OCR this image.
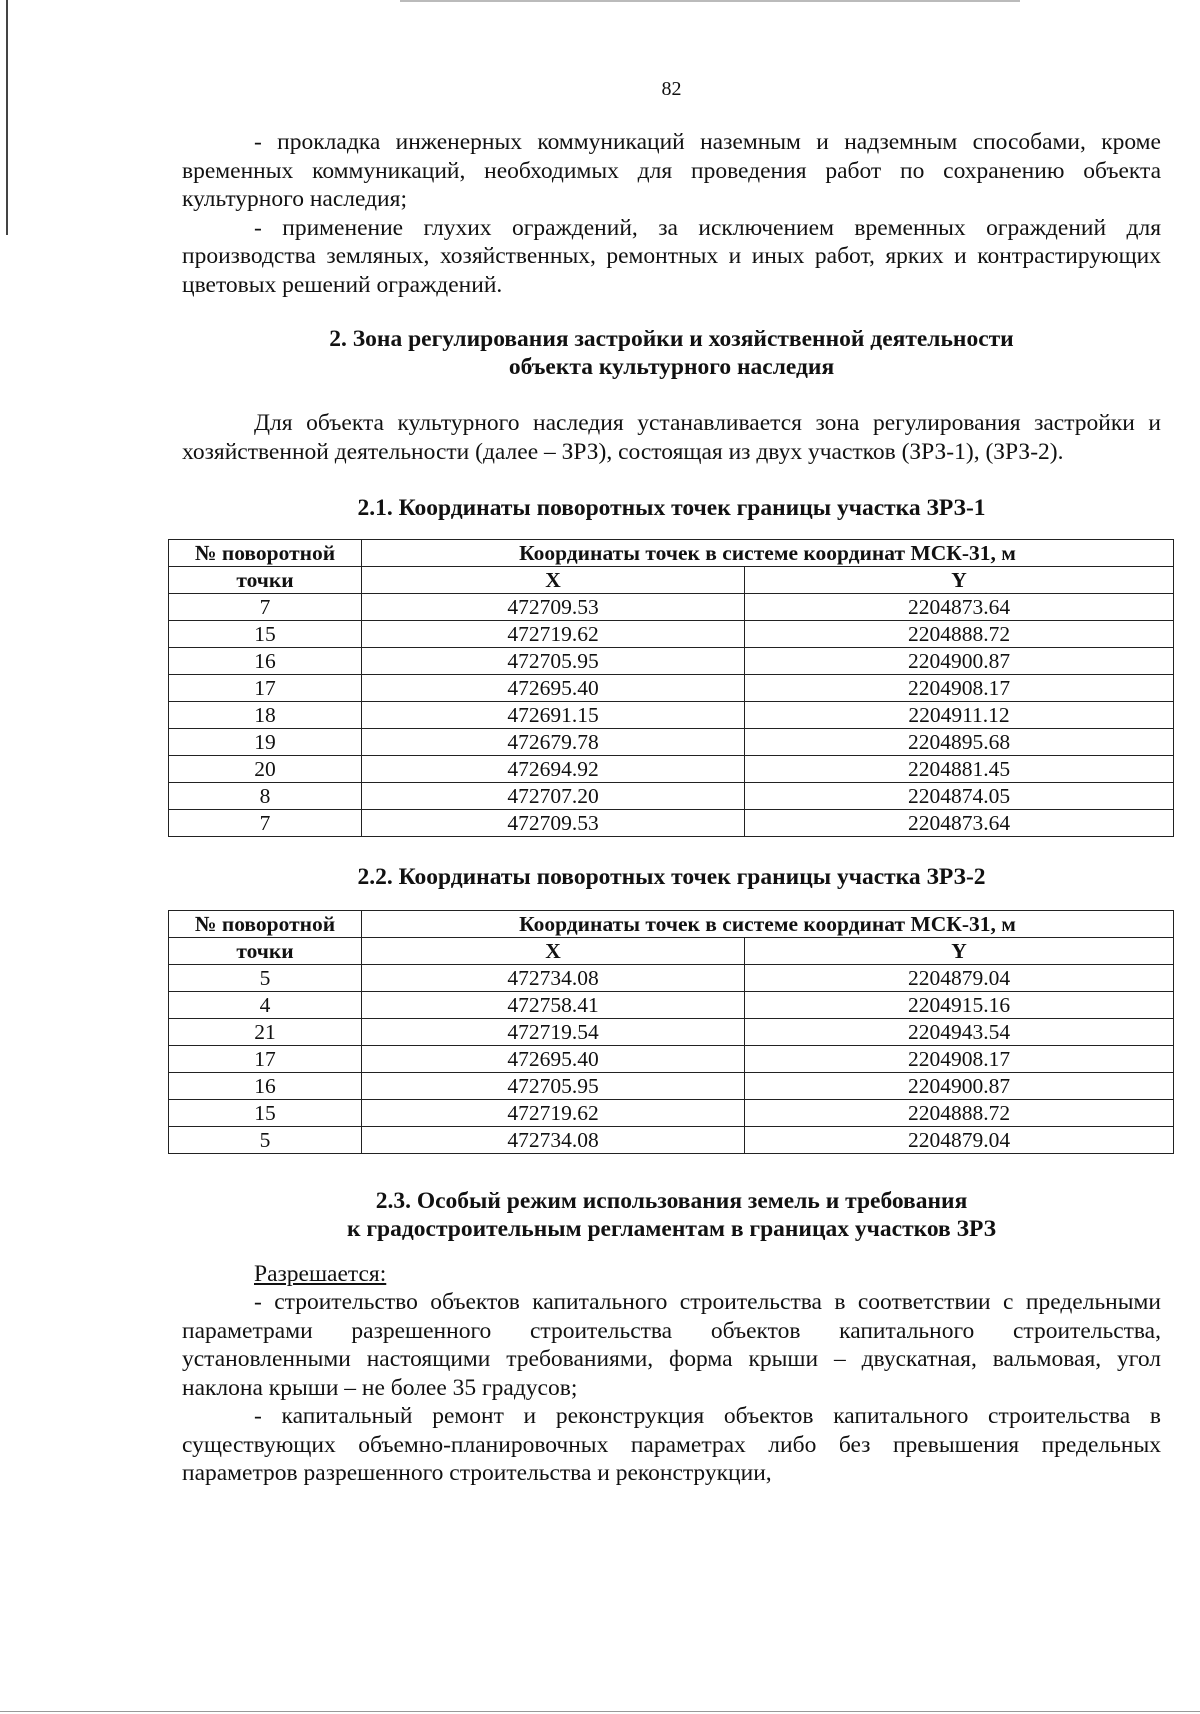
82

- прокладка инженерных коммуникаций наземным и надземным способами, кроме временных коммуникаций, необходимых для проведения работ по сохранению объекта культурного наследия;

- применение глухих ограждений, за исключением временных ограждений для производства земляных, хозяйственных, ремонтных и иных работ, ярких и контрастирующих цветовых решений ограждений.

2. Зона регулирования застройки и хозяйственной деятельности
объекта культурного наследия

Для объекта культурного наследия устанавливается зона регулирования застройки и хозяйственной деятельности (далее – ЗРЗ), состоящая из двух участков (ЗРЗ-1), (ЗРЗ-2).

2.1. Координаты поворотных точек границы участка ЗРЗ-1
№ поворотной	Координаты точек в системе координат МСК-31, м	
точки	X	Y
7	472709.53	2204873.64
15	472719.62	2204888.72
16	472705.95	2204900.87
17	472695.40	2204908.17
18	472691.15	2204911.12
19	472679.78	2204895.68
20	472694.92	2204881.45
8	472707.20	2204874.05
7	472709.53	2204873.64
2.2. Координаты поворотных точек границы участка ЗРЗ-2
№ поворотной	Координаты точек в системе координат МСК-31, м	
точки	X	Y
5	472734.08	2204879.04
4	472758.41	2204915.16
21	472719.54	2204943.54
17	472695.40	2204908.17
16	472705.95	2204900.87
15	472719.62	2204888.72
5	472734.08	2204879.04
2.3. Особый режим использования земель и требования
к градостроительным регламентам в границах участков ЗРЗ
Разрешается:

- строительство объектов капитального строительства в соответствии с предельными параметрами разрешенного строительства объектов капитального строительства, установленными настоящими требованиями, форма крыши – двускатная, вальмовая, угол наклона крыши – не более 35 градусов;

- капитальный ремонт и реконструкция объектов капитального строительства в существующих объемно-планировочных параметрах либо без превышения предельных параметров разрешенного строительства и реконструкции,
